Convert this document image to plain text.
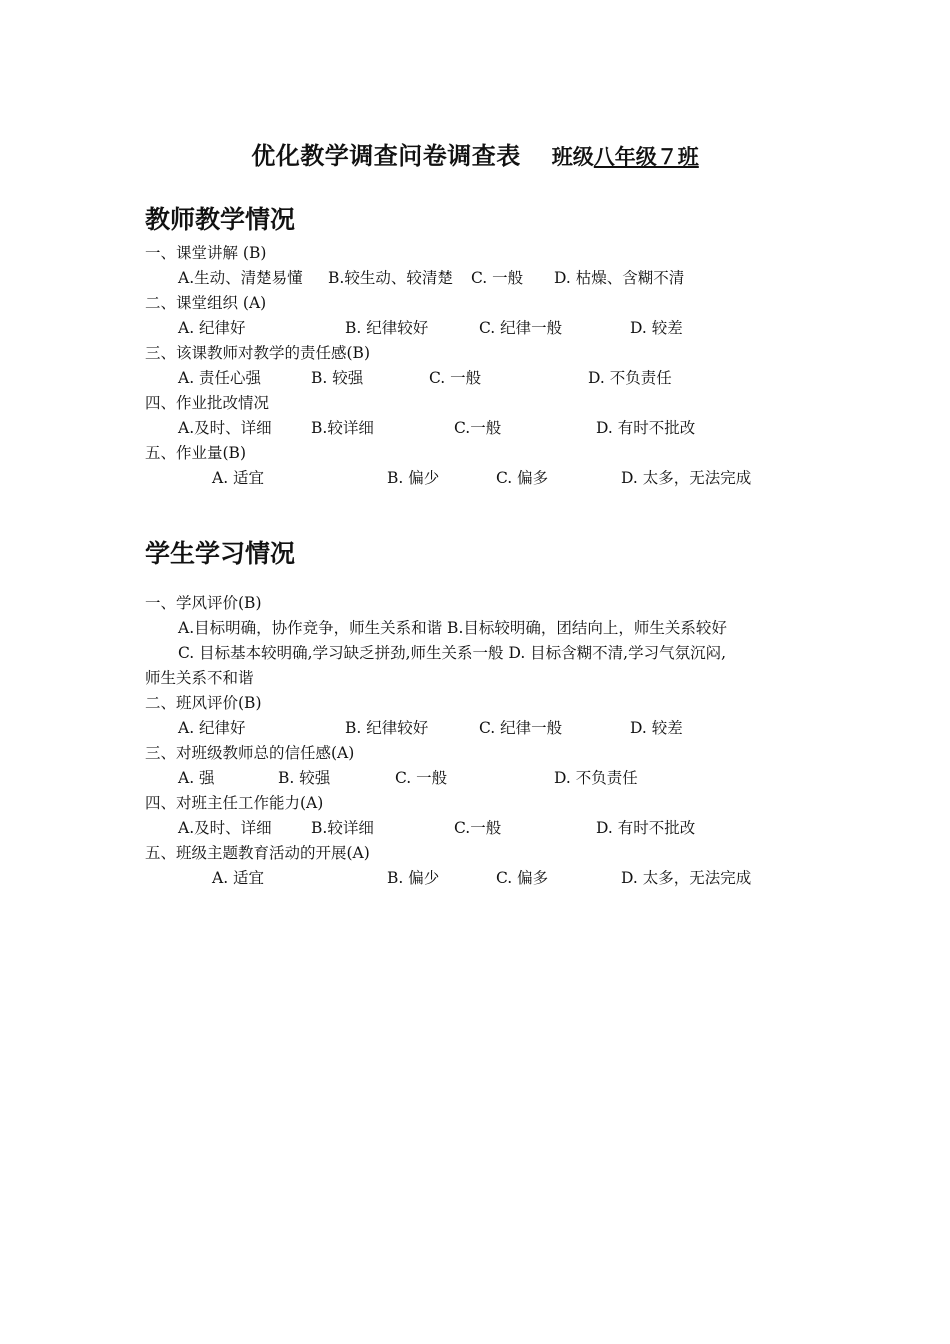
优化教学调查问卷调查表 班级八年级７班
教师教学情况
一、课堂讲解 (B)
A.生动、清楚易懂 B.较生动、较清楚 C. 一般 D. 枯燥、含糊不清
二、课堂组织 (A)
A. 纪律好	B. 纪律较好	C. 纪律一般	D. 较差
三、该课教师对教学的责任感(B)
A. 责任心强	B. 较强	C. 一般	D. 不负责任
四、作业批改情况
A.及时、详细	B.较详细	C.一般	D. 有时不批改
五、作业量(B)
A. 适宜	B. 偏少	C. 偏多	D. 太多，无法完成
学生学习情况
一、学风评价(B)
A.目标明确，协作竞争，师生关系和谐 B.目标较明确，团结向上，师生关系较好
C. 目标基本较明确,学习缺乏拼劲,师生关系一般 D. 目标含糊不清,学习气氛沉闷,
师生关系不和谐
二、班风评价(B)
A. 纪律好	B. 纪律较好	C. 纪律一般	D. 较差
三、对班级教师总的信任感(A)
A. 强	B. 较强	C. 一般	D. 不负责任
四、对班主任工作能力(A)
A.及时、详细	B.较详细	C.一般	D. 有时不批改
五、班级主题教育活动的开展(A)
A. 适宜	B. 偏少	C. 偏多	D. 太多，无法完成
